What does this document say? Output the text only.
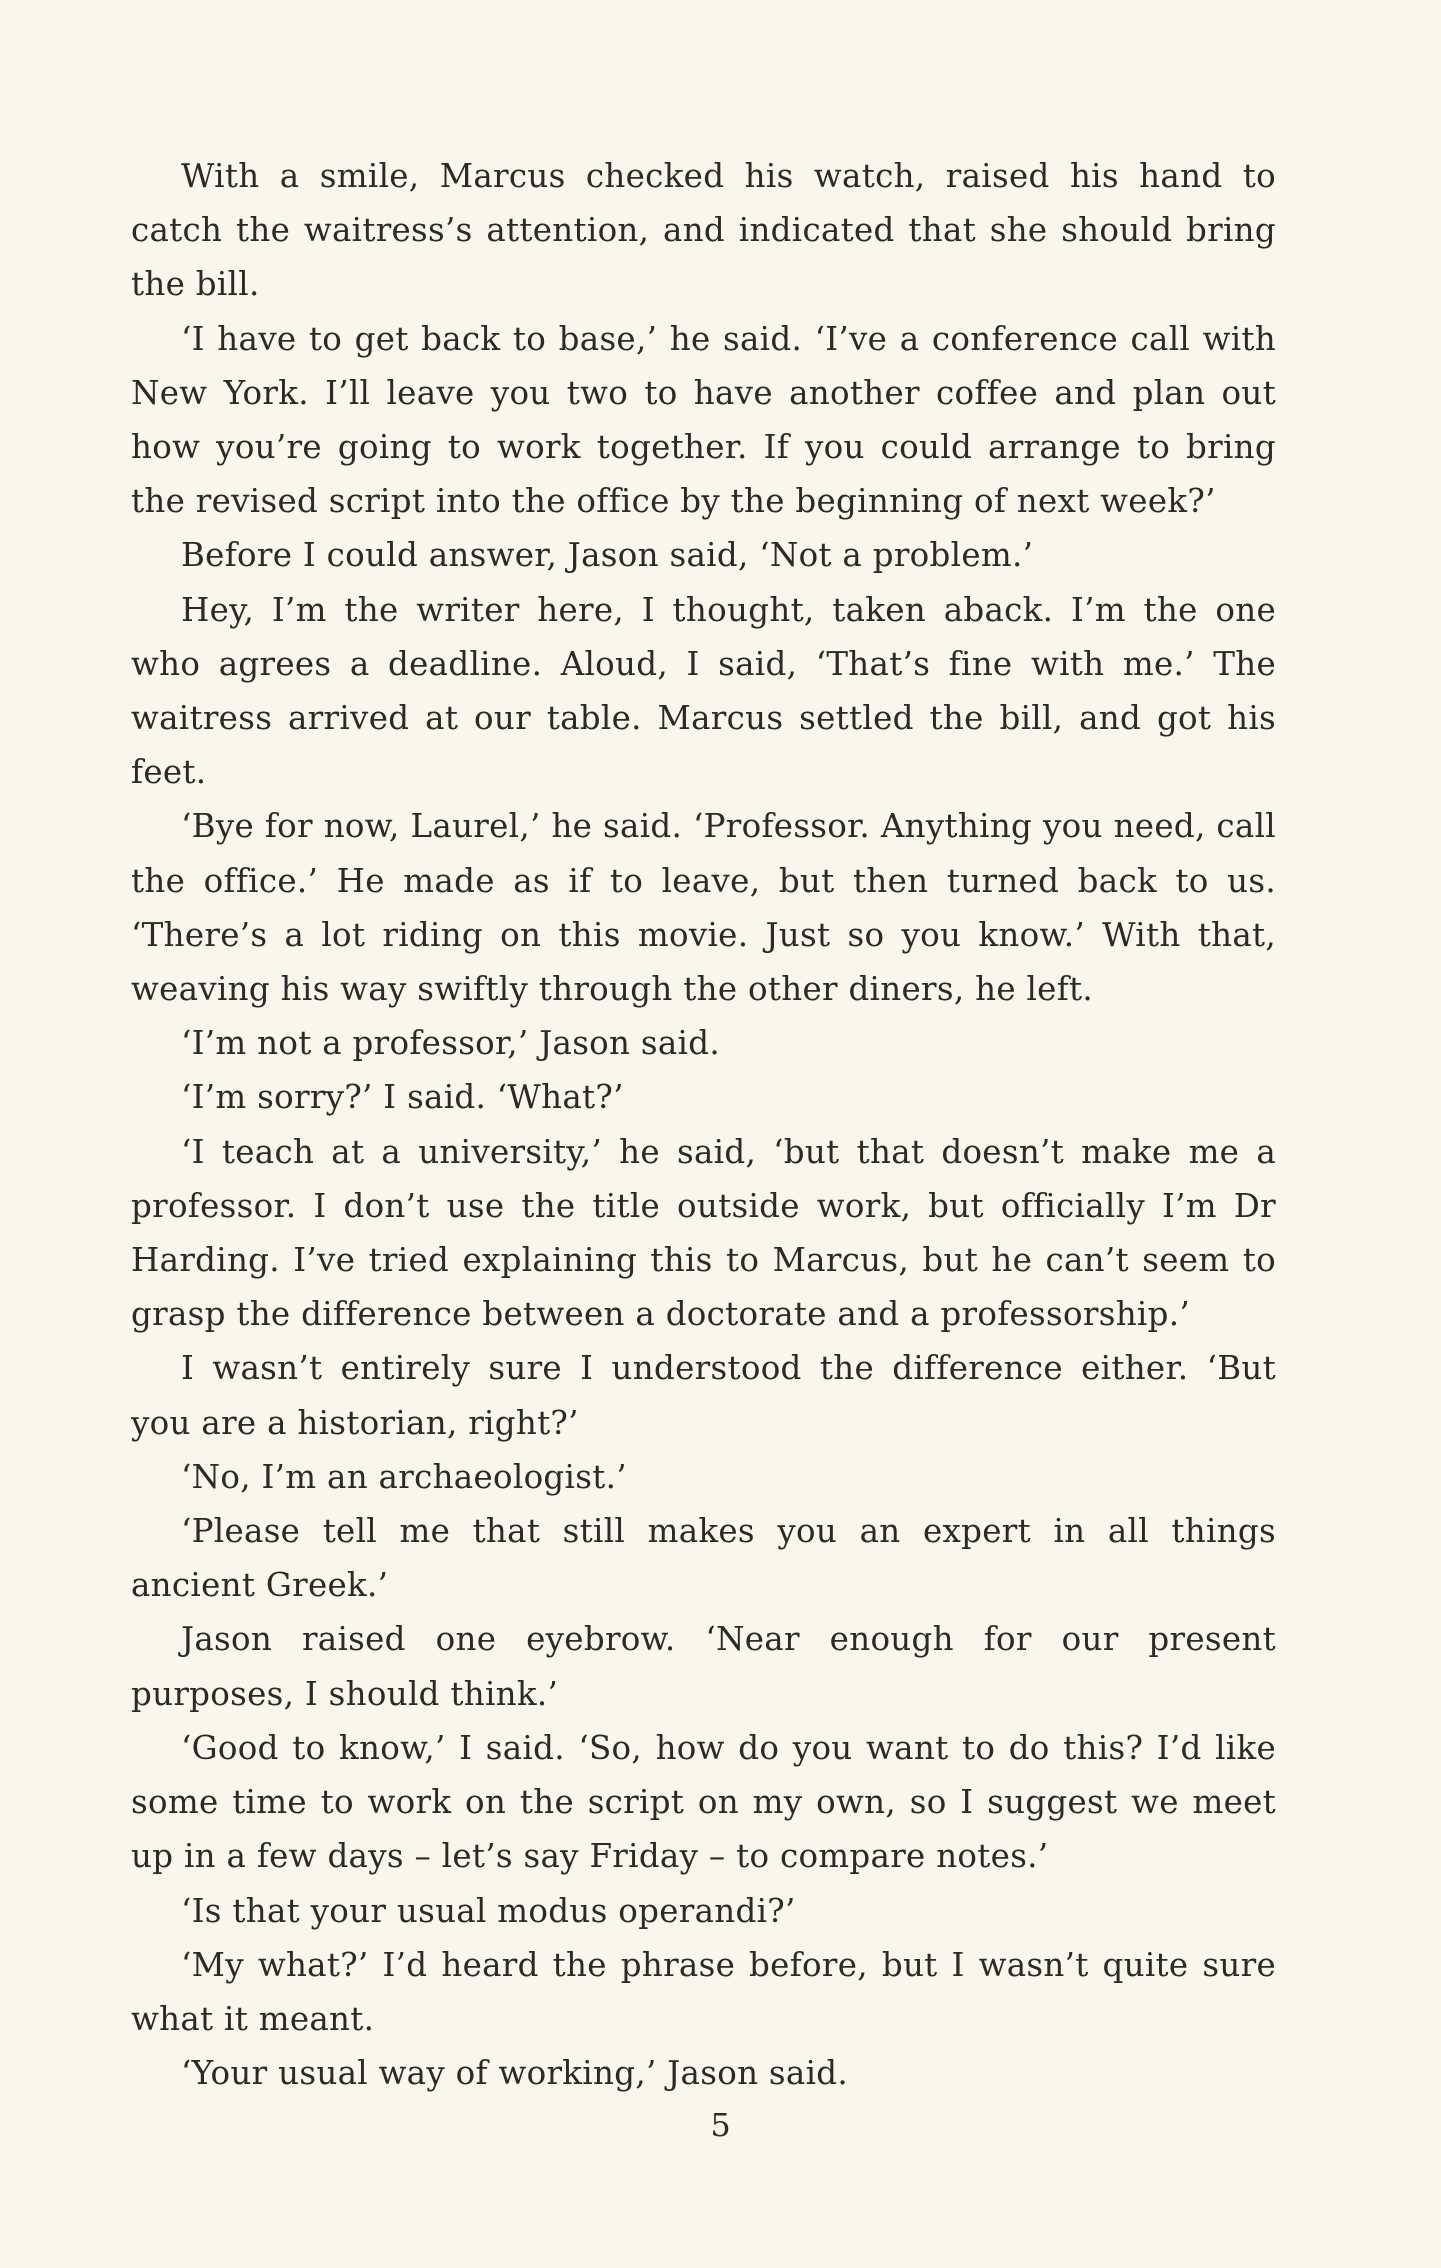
With a smile, Marcus checked his watch, raised his hand to catch the waitress’s attention, and indicated that she should bring the bill.

‘I have to get back to base,’ he said. ‘I’ve a conference call with New York. I’ll leave you two to have another coffee and plan out how you’re going to work together. If you could arrange to bring the revised script into the office by the beginning of next week?’

Before I could answer, Jason said, ‘Not a problem.’

Hey, I’m the writer here, I thought, taken aback. I’m the one who agrees a deadline. Aloud, I said, ‘That’s fine with me.’ The waitress arrived at our table. Marcus settled the bill, and got his feet.

‘Bye for now, Laurel,’ he said. ‘Professor. Anything you need, call the office.’ He made as if to leave, but then turned back to us. ‘There’s a lot riding on this movie. Just so you know.’ With that, weaving his way swiftly through the other diners, he left.

‘I’m not a professor,’ Jason said.

‘I’m sorry?’ I said. ‘What?’

‘I teach at a university,’ he said, ‘but that doesn’t make me a professor. I don’t use the title outside work, but officially I’m Dr Harding. I’ve tried explaining this to Marcus, but he can’t seem to grasp the difference between a doctorate and a professorship.’

I wasn’t entirely sure I understood the difference either. ‘But you are a historian, right?’

‘No, I’m an archaeologist.’

‘Please tell me that still makes you an expert in all things ancient Greek.’

Jason raised one eyebrow. ‘Near enough for our present purposes, I should think.’

‘Good to know,’ I said. ‘So, how do you want to do this? I’d like some time to work on the script on my own, so I suggest we meet up in a few days – let’s say Friday – to compare notes.’

‘Is that your usual modus operandi?’

‘My what?’ I’d heard the phrase before, but I wasn’t quite sure what it meant.

‘Your usual way of working,’ Jason said.

5
